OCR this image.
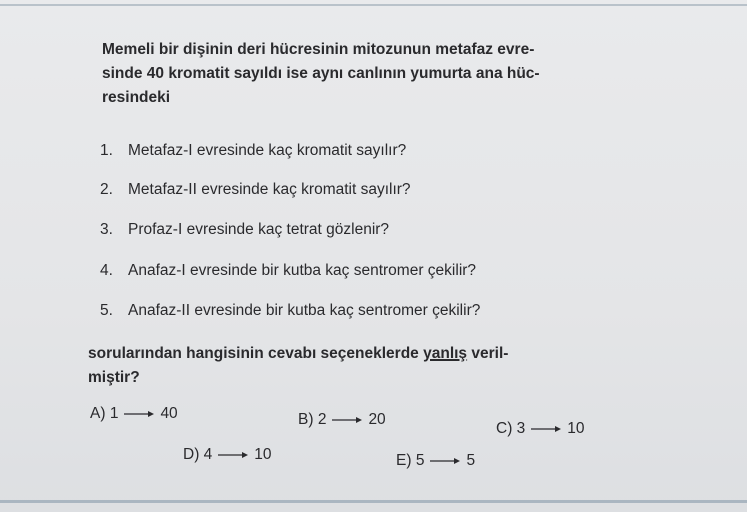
Memeli bir dişinin deri hücresinin mitozunun metafaz evre-
sinde 40 kromatit sayıldı ise aynı canlının yumurta ana hüc-
resindeki
1. Metafaz-I evresinde kaç kromatit sayılır?
2. Metafaz-II evresinde kaç kromatit sayılır?
3. Profaz-I evresinde kaç tetrat gözlenir?
4. Anafaz-I evresinde bir kutba kaç sentromer çekilir?
5. Anafaz-II evresinde bir kutba kaç sentromer çekilir?
sorularından hangisinin cevabı seçeneklerde yanlış veril-
miştir?
A)
1	40	B)
2	20
C)
3	10
D)
4	10	E)
5	5
